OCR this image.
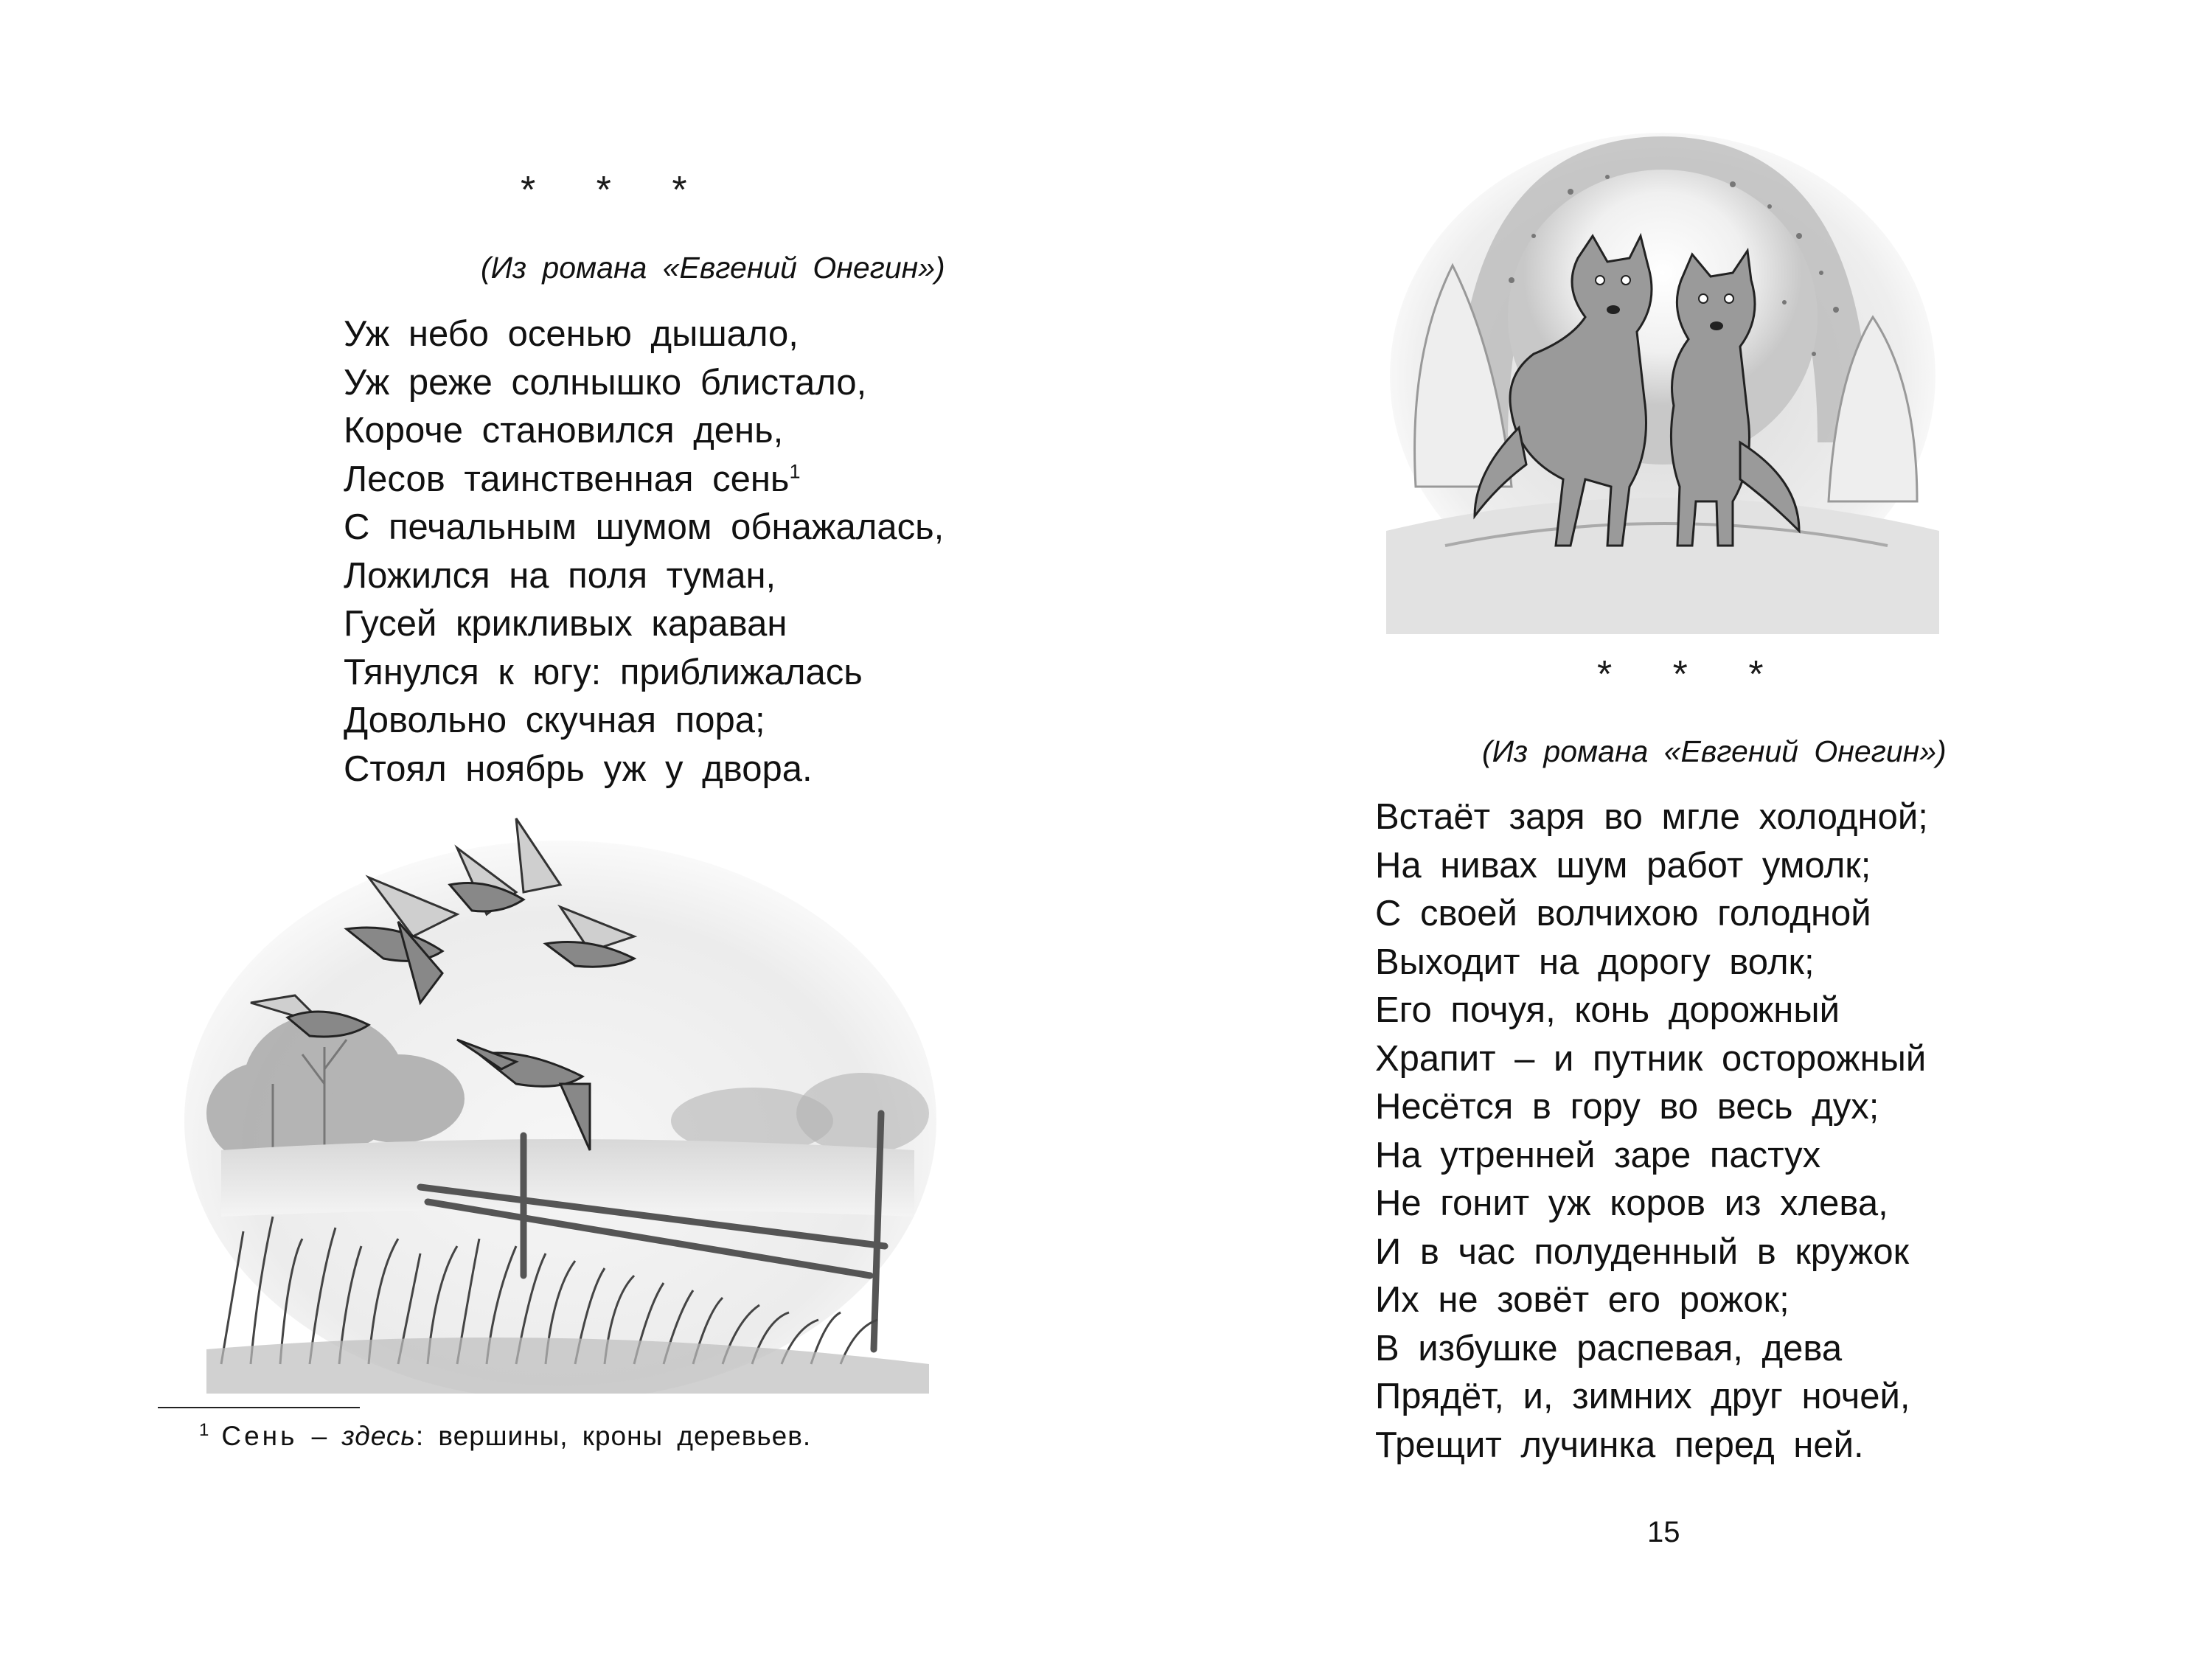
* * *
(Из романа «Евгений Онегин»)
Уж небо осенью дышало,
Уж реже солнышко блистало,
Короче становился день,
Лесов таинственная сень$^1$
С печальным шумом обнажалась,
Ложился на поля туман,
Гусей крикливых караван
Тянулся к югу: приближалась
Довольно скучная пора;
Стоял ноябрь уж у двора.
$^1$ Сень – здесь: вершины, кроны деревьев.
* * *
(Из романа «Евгений Онегин»)
Встаёт заря во мгле холодной;
На нивах шум работ умолк;
С своей волчихою голодной
Выходит на дорогу волк;
Его почуя, конь дорожный
Храпит – и путник осторожный
Несётся в гору во весь дух;
На утренней заре пастух
Не гонит уж коров из хлева,
И в час полуденный в кружок
Их не зовёт его рожок;
В избушке распевая, дева
Прядёт, и, зимних друг ночей,
Трещит лучинка перед ней.
15
